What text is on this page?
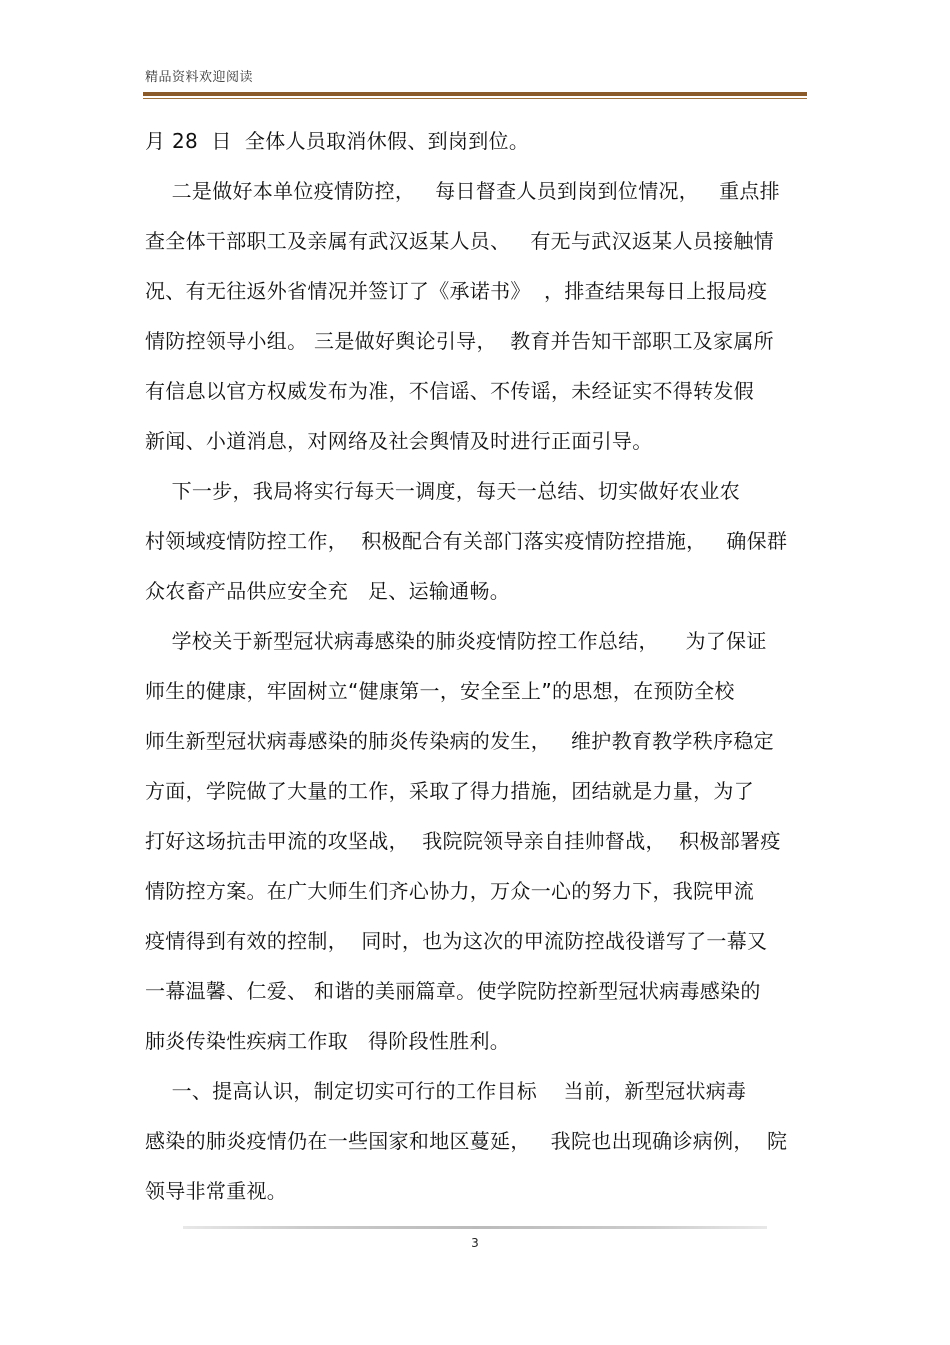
精品资料欢迎阅读
月 28  日  全体人员取消休假、到岗到位。
二是做好本单位疫情防控，   每日督查人员到岗到位情况，   重点排
查全体干部职工及亲属有武汉返某人员、   有无与武汉返某人员接触情
况、有无往返外省情况并签订了《承诺书》  ，排查结果每日上报局疫
情防控领导小组。 三是做好舆论引导，  教育并告知干部职工及家属所
有信息以官方权威发布为准，不信谣、不传谣，未经证实不得转发假
新闻、小道消息，对网络及社会舆情及时进行正面引导。
下一步，我局将实行每天一调度，每天一总结、切实做好农业农
村领域疫情防控工作，  积极配合有关部门落实疫情防控措施，   确保群
众农畜产品供应安全充   足、运输通畅。
学校关于新型冠状病毒感染的肺炎疫情防控工作总结，    为了保证
师生的健康，牢固树立“健康第一，安全至上”的思想，在预防全校
师生新型冠状病毒感染的肺炎传染病的发生，   维护教育教学秩序稳定
方面，学院做了大量的工作，采取了得力措施，团结就是力量，为了
打好这场抗击甲流的攻坚战，  我院院领导亲自挂帅督战，  积极部署疫
情防控方案。在广大师生们齐心协力，万众一心的努力下，我院甲流
疫情得到有效的控制，  同时，也为这次的甲流防控战役谱写了一幕又
一幕温馨、仁爱、 和谐的美丽篇章。使学院防控新型冠状病毒感染的
肺炎传染性疾病工作取   得阶段性胜利。
一、提高认识，制定切实可行的工作目标    当前，新型冠状病毒
感染的肺炎疫情仍在一些国家和地区蔓延，   我院也出现确诊病例，  院
领导非常重视。
3
